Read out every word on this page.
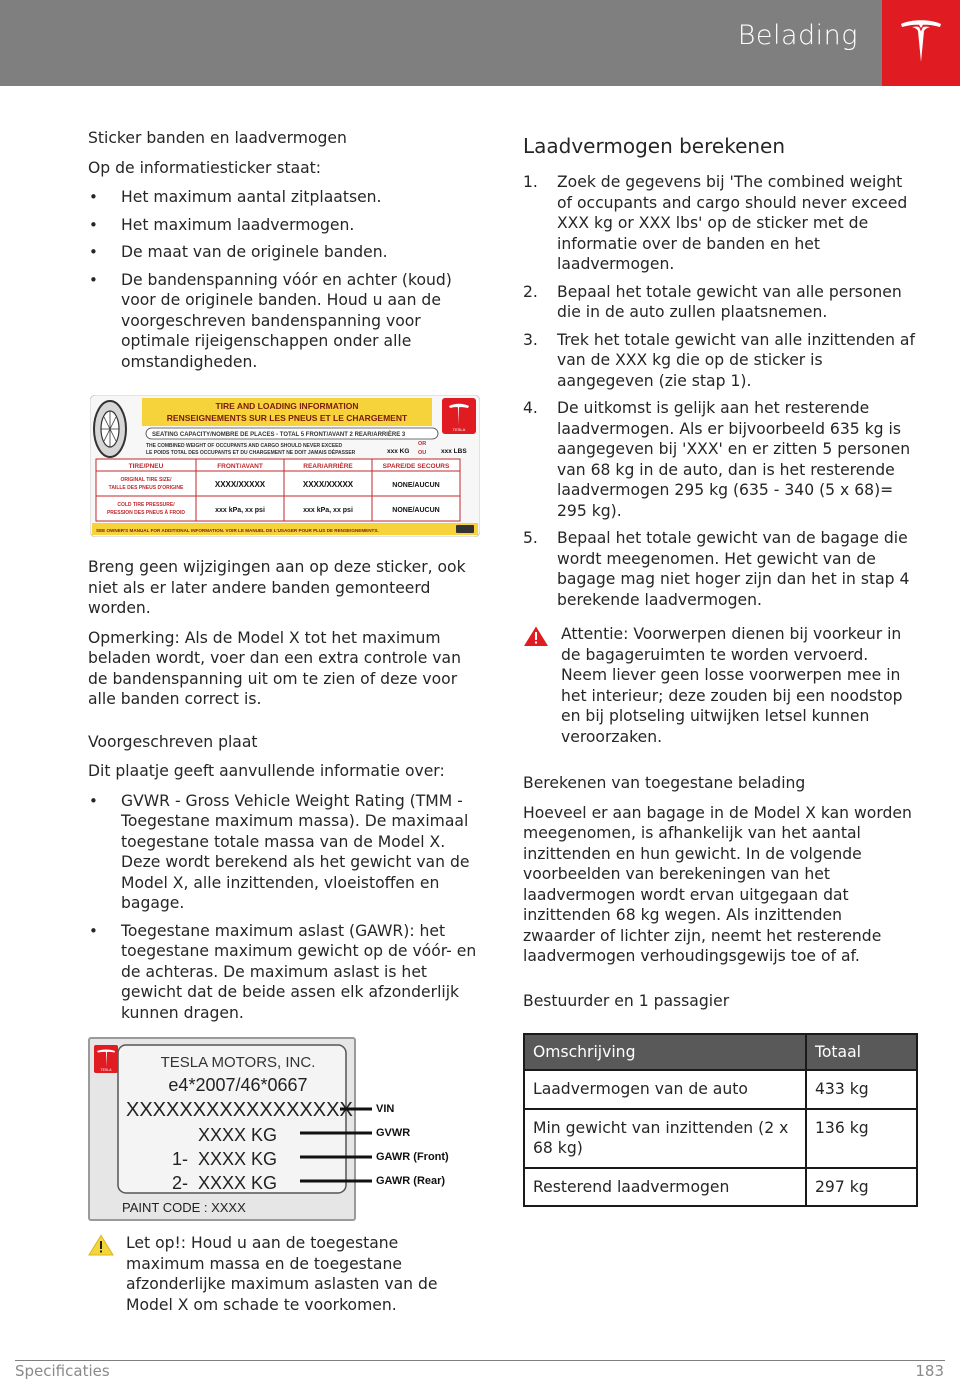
Belading
Sticker banden en laadvermogen
Op de informatiesticker staat:
• Het maximum aantal zitplaatsen.
• Het maximum laadvermogen.
• De maat van de originele banden.
• De bandenspanning vóór en achter (koud) voor de originele banden. Houd u aan de voorgeschreven bandenspanning voor optimale rijeigenschappen onder alle omstandigheden.
TIRE AND LOADING INFORMATION
RENSEIGNEMENTS SUR LES PNEUS ET LE CHARGEMENT
TESLA
SEATING CAPACITY/NOMBRE DE PLACES - TOTAL 5 FRONT/AVANT 2 REAR/ARRIÈRE 3
THE COMBINED WEIGHT OF OCCUPANTS AND CARGO SHOULD NEVER EXCEED
LE POIDS TOTAL DES OCCUPANTS ET DU CHARGEMENT NE DOIT JAMAIS DÉPASSER	xxx KG
OR
OU xxx LBS
TIRE/PNEU	FRONT/AVANT	REAR/ARRIÈRE	SPARE/DE SECOURS
ORIGINAL TIRE SIZE/
TAILLE DES PNEUS D'ORIGINE	XXXX/XXXXX	XXXX/XXXXX	NONE/AUCUN
COLD TIRE PRESSURE/
PRESSION DES PNEUS À FROID	xxx kPa, xx psi	xxx kPa, xx psi	NONE/AUCUN
SEE OWNER'S MANUAL FOR ADDITIONAL INFORMATION. VOIR LE MANUEL DE L'USAGER POUR PLUS DE RENSEIGNEMENTS.
Breng geen wijzigingen aan op deze sticker, ook niet als er later andere banden gemonteerd worden.
Opmerking: Als de Model X tot het maximum beladen wordt, voer dan een extra controle van de bandenspanning uit om te zien of deze voor alle banden correct is.
Voorgeschreven plaat
Dit plaatje geeft aanvullende informatie over:
• GVWR - Gross Vehicle Weight Rating (TMM - Toegestane maximum massa). De maximaal toegestane totale massa van de Model X. Deze wordt berekend als het gewicht van de Model X, alle inzittenden, vloeistoffen en bagage.
• Toegestane maximum aslast (GAWR): het toegestane maximum gewicht op de vóór- en de achteras. De maximum aslast is het gewicht dat de beide assen elk afzonderlijk kunnen dragen.
TESLA	TESLA MOTORS, INC.
e4*2007/46*0667
XXXXXXXXXXXXXXXXX
XXXX KG
1- XXXX KG
2- XXXX KG
PAINT CODE : XXXX
VIN
GVWR
GAWR (Front)
GAWR (Rear)
Let op!: Houd u aan de toegestane maximum massa en de toegestane afzonderlijke maximum aslasten van de Model X om schade te voorkomen.
Laadvermogen berekenen
1. Zoek de gegevens bij 'The combined weight of occupants and cargo should never exceed XXX kg or XXX lbs' op de sticker met de informatie over de banden en het laadvermogen.
2. Bepaal het totale gewicht van alle personen die in de auto zullen plaatsnemen.
3. Trek het totale gewicht van alle inzittenden af van de XXX kg die op de sticker is aangegeven (zie stap 1).
4. De uitkomst is gelijk aan het resterende laadvermogen. Als er bijvoorbeeld 635 kg is aangegeven bij 'XXX' en er zitten 5 personen van 68 kg in de auto, dan is het resterende laadvermogen 295 kg (635 - 340 (5 x 68)= 295 kg).
5. Bepaal het totale gewicht van de bagage die wordt meegenomen. Het gewicht van de bagage mag niet hoger zijn dan het in stap 4 berekende laadvermogen.
Attentie: Voorwerpen dienen bij voorkeur in de bagageruimten te worden vervoerd. Neem liever geen losse voorwerpen mee in het interieur; deze zouden bij een noodstop en bij plotseling uitwijken letsel kunnen veroorzaken.
Berekenen van toegestane belading
Hoeveel er aan bagage in de Model X kan worden meegenomen, is afhankelijk van het aantal inzittenden en hun gewicht. In de volgende voorbeelden van berekeningen van het laadvermogen wordt ervan uitgegaan dat inzittenden 68 kg wegen. Als inzittenden zwaarder of lichter zijn, neemt het resterende laadvermogen verhoudingsgewijs toe of af.
Bestuurder en 1 passagier
Omschrijving	Totaal
Laadvermogen van de auto	433 kg
Min gewicht van inzittenden (2 x 68 kg)	136 kg
Resterend laadvermogen	297 kg
Specificaties	183
